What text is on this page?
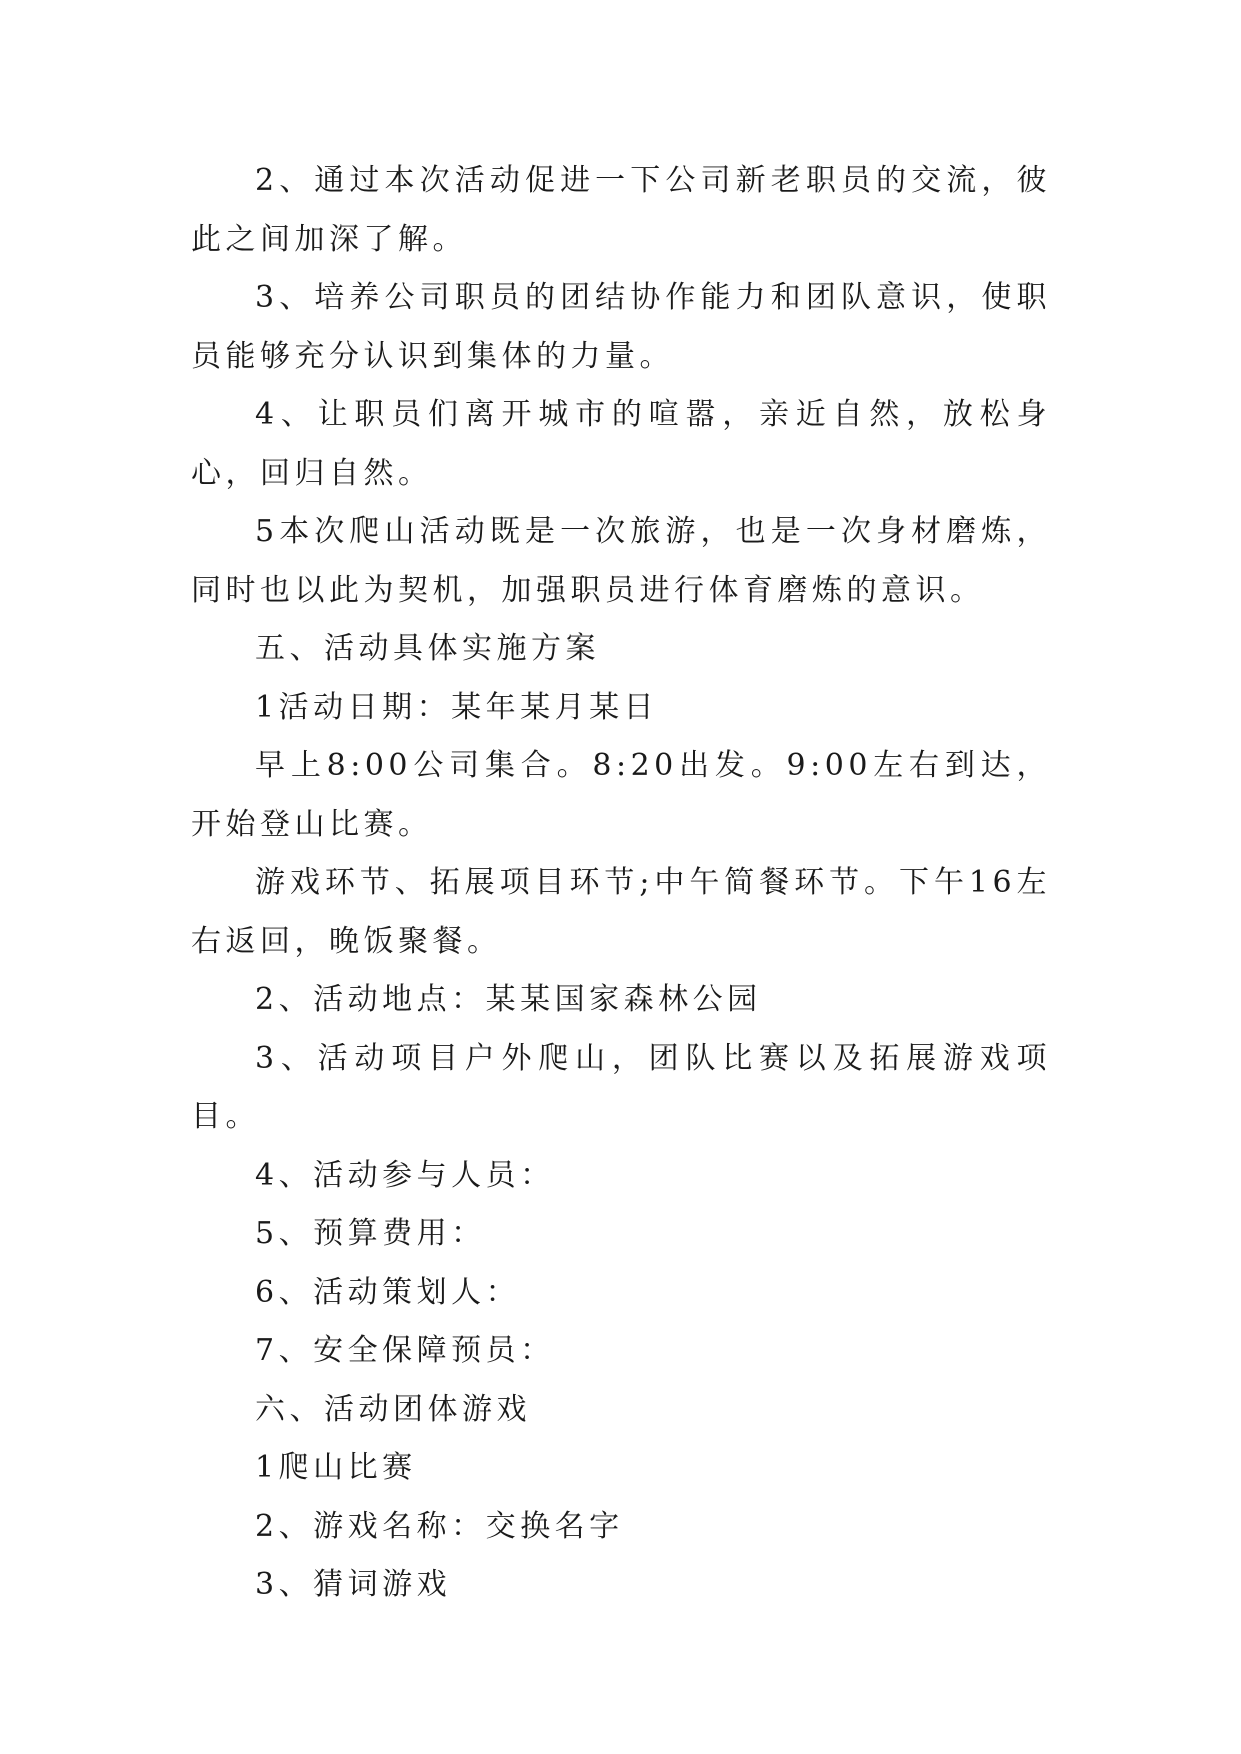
2、通过本次活动促进一下公司新老职员的交流，彼此之间加深了解。

3、培养公司职员的团结协作能力和团队意识，使职员能够充分认识到集体的力量。

4、让职员们离开城市的喧嚣，亲近自然，放松身心，回归自然。

5本次爬山活动既是一次旅游，也是一次身材磨炼，同时也以此为契机，加强职员进行体育磨炼的意识。

五、活动具体实施方案

1活动日期：某年某月某日

早上8:00公司集合。8:20出发。9:00左右到达，开始登山比赛。

游戏环节、拓展项目环节;中午简餐环节。下午16左右返回，晚饭聚餐。

2、活动地点：某某国家森林公园

3、活动项目户外爬山，团队比赛以及拓展游戏项目。

4、活动参与人员：

5、预算费用：

6、活动策划人：

7、安全保障预员：

六、活动团体游戏

1爬山比赛

2、游戏名称：交换名字

3、猜词游戏
